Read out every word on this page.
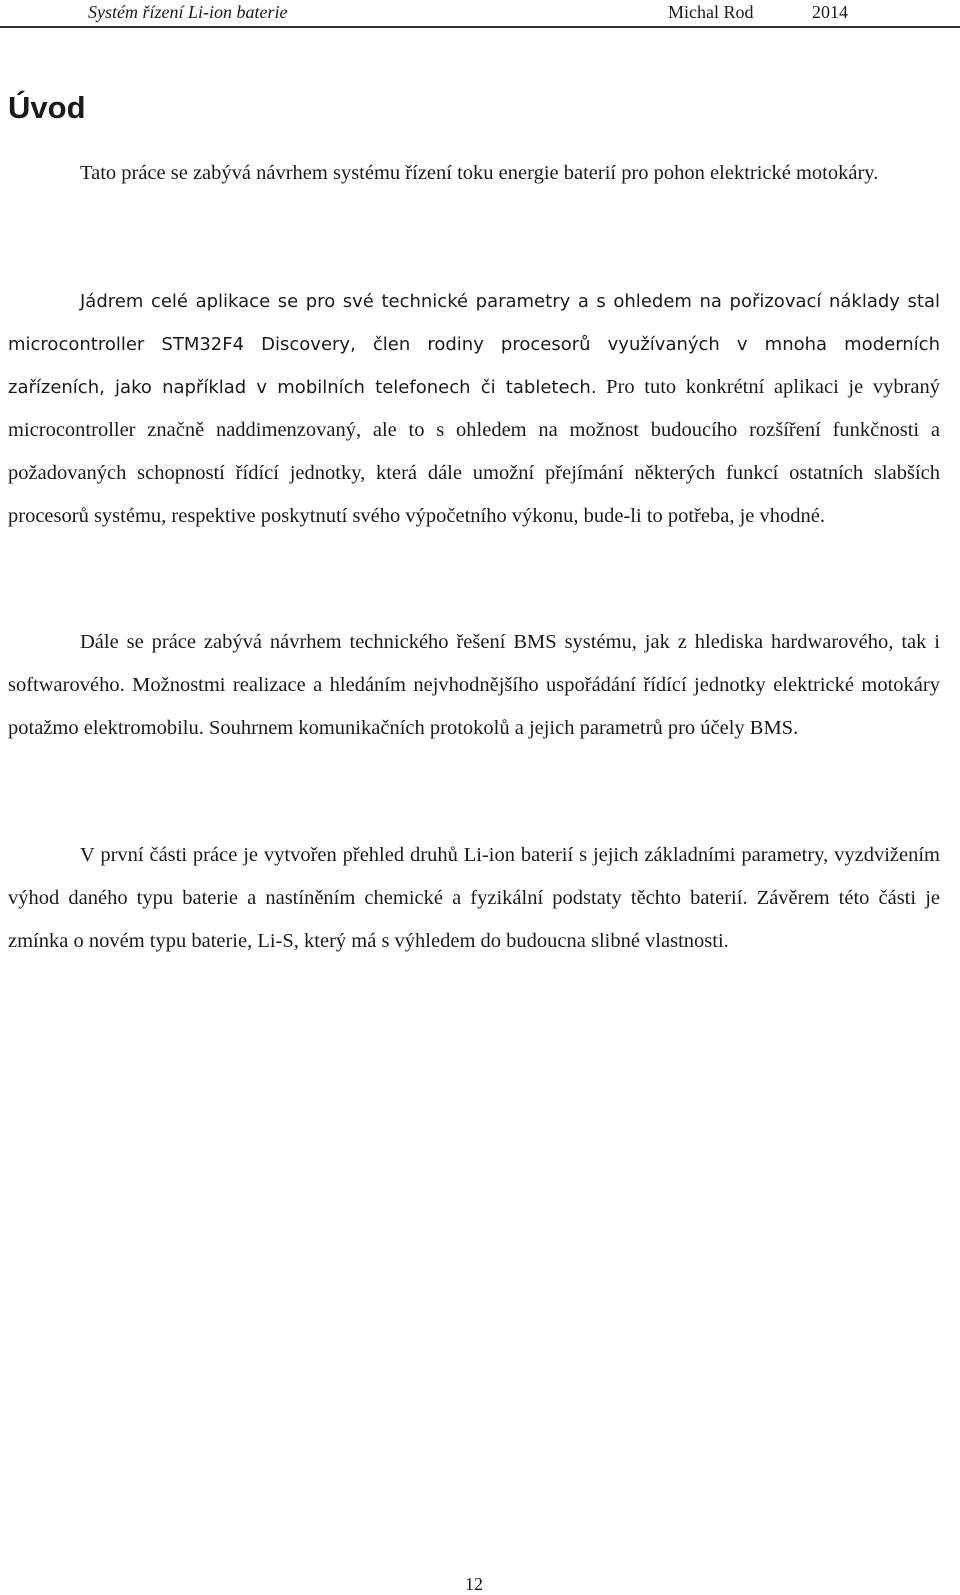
Systém řízení Li-ion baterie	Michal Rod	2014
Úvod

Tato práce se zabývá návrhem systému řízení toku energie baterií pro pohon elektrické motokáry.

Jádrem celé aplikace se pro své technické parametry a s ohledem na pořizovací náklady stal microcontroller STM32F4 Discovery, člen rodiny procesorů využívaných v mnoha moderních zařízeních, jako například v mobilních telefonech či tabletech. Pro tuto konkrétní aplikaci je vybraný microcontroller značně naddimenzovaný, ale to s ohledem na možnost budoucího rozšíření funkčnosti a požadovaných schopností řídící jednotky, která dále umožní přejímání některých funkcí ostatních slabších procesorů systému, respektive poskytnutí svého výpočetního výkonu, bude-li to potřeba, je vhodné.

Dále se práce zabývá návrhem technického řešení BMS systému, jak z hlediska hardwarového, tak i softwarového. Možnostmi realizace a hledáním nejvhodnějšího uspořádání řídící jednotky elektrické motokáry potažmo elektromobilu. Souhrnem komunikačních protokolů a jejich parametrů pro účely BMS.

V první části práce je vytvořen přehled druhů Li-ion baterií s jejich základními parametry, vyzdvižením výhod daného typu baterie a nastíněním chemické a fyzikální podstaty těchto baterií. Závěrem této části je zmínka o novém typu baterie, Li-S, který má s výhledem do budoucna slibné vlastnosti.

12
